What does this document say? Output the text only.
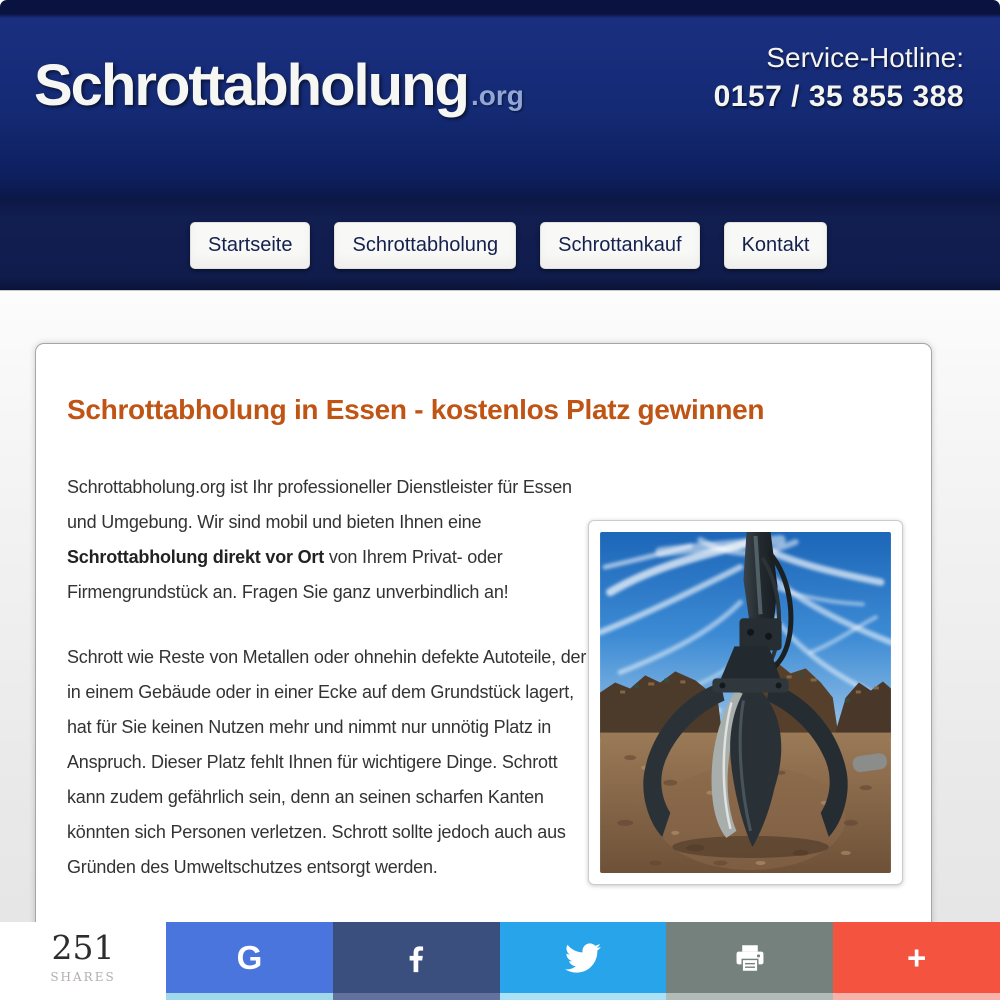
Schrottabholung .org
Service-Hotline:
0157 / 35 855 388
Startseite	Schrottabholung	Schrottankauf	Kontakt
Schrottabholung in Essen - kostenlos Platz gewinnen

Schrottabholung.org ist Ihr professioneller Dienstleister für Essen und Umgebung. Wir sind mobil und bieten Ihnen eine Schrottabholung direkt vor Ort von Ihrem Privat- oder Firmengrundstück an. Fragen Sie ganz unverbindlich an!

Schrott wie Reste von Metallen oder ohnehin defekte Autoteile, der in einem Gebäude oder in einer Ecke auf dem Grundstück lagert, hat für Sie keinen Nutzen mehr und nimmt nur unnötig Platz in Anspruch. Dieser Platz fehlt Ihnen für wichtigere Dinge. Schrott kann zudem gefährlich sein, denn an seinen scharfen Kanten könnten sich Personen verletzen. Schrott sollte jedoch auch aus Gründen des Umweltschutzes entsorgt werden.

251
SHARES
G	+
